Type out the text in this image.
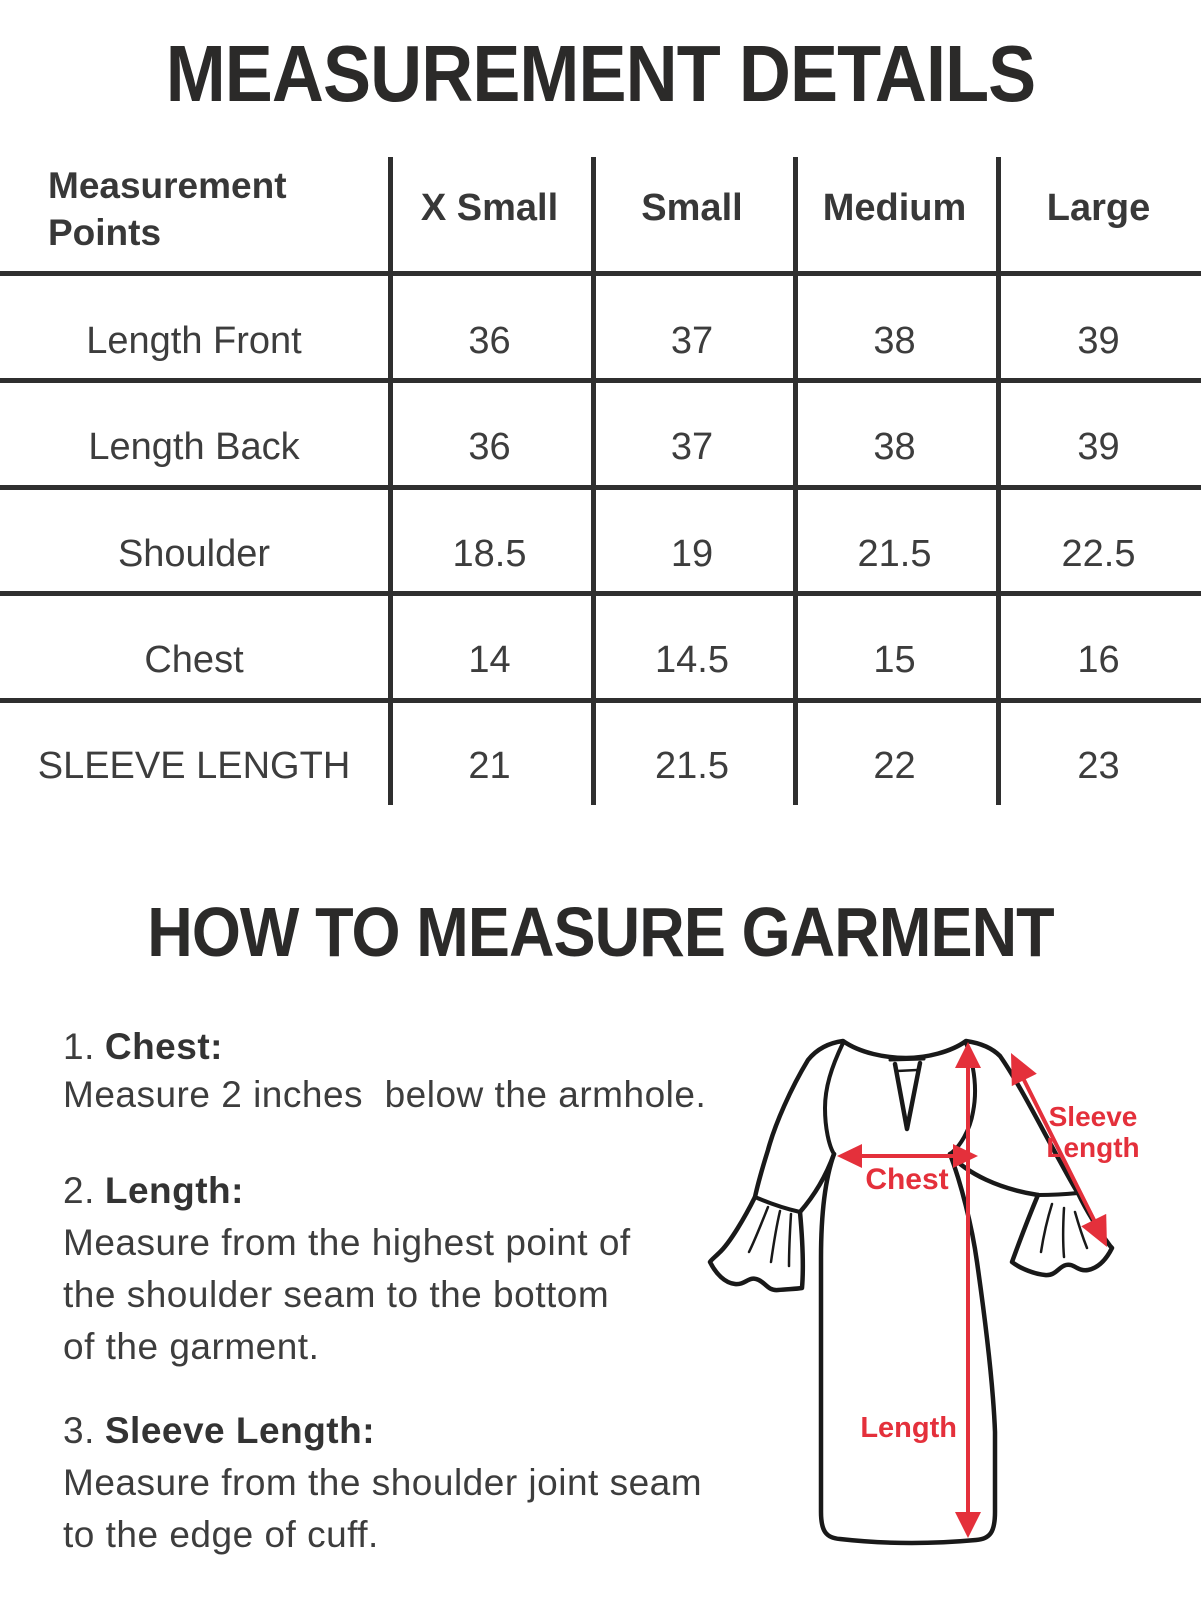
MEASUREMENT DETAILS
HOW TO MEASURE GARMENT
Measurement
Points
X Small	Small	Medium	Large
Length Front	36	37	38	39
Length Back	36	37	38	39
Shoulder	18.5	19	21.5	22.5
Chest	14	14.5	15	16
SLEEVE LENGTH	21	21.5	22	23
1. Chest:
Measure 2 inches  below the armhole.
2. Length:
Measure from the highest point of
the shoulder seam to the bottom
of the garment.
3. Sleeve Length:
Measure from the shoulder joint seam
to the edge of cuff.
Chest
Length
Sleeve
Length
